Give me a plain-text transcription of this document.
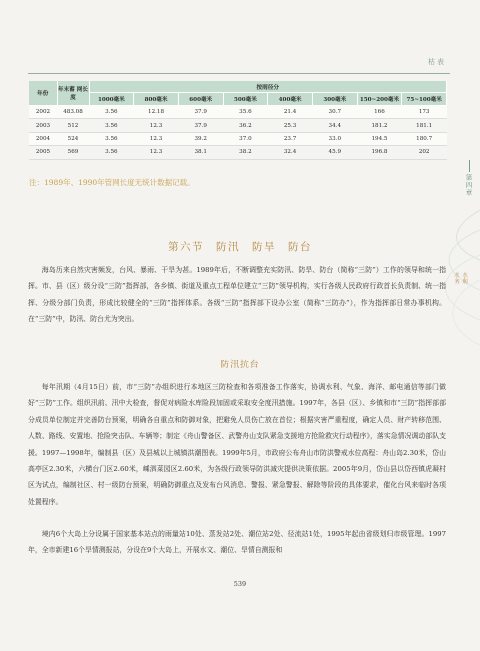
枯表
年份	年末蓄 网长度	按雨径分							
		1000毫米	800毫米	600毫米	500毫米	400毫米	300毫米	150~200毫米	75~100毫米
2002	483.08	3.56	12.18	37.9	35.6	21.4	30.7	166	173
2003	512	3.56	12.3	37.9	36.2	25.3	34.4	181.2	181.1
2004	524	3.56	12.3	39.2	37.0	23.7	33.0	194.5	180.7
2005	569	3.56	12.3	38.1	38.2	32.4	45.9	196.8	202
注：1989年、1990年管网长度无统计数据记载。	第四章
水利
水务
第六节　防汛　防旱　防台

海岛历来自然灾害频发，台风、暴雨、干旱为甚。1989年后，不断调整充实防汛、防旱、防台（简称“三防”）工作的领导和统一指挥。市、县（区）级分设“三防”指挥部，各乡镇、街道及重点工程单位建立“三防”领导机构，实行各级人民政府行政首长负责制、统一指挥、分级分部门负责，形成比较健全的“三防”指挥体系。各级“三防”指挥部下设办公室（简称“三防办”），作为指挥部日常办事机构。在“三防”中，防汛、防台尤为突出。

防汛抗台

每年汛期（4月15日）前，市“三防”办组织进行本地区三防检查和各项准备工作落实，协调水利、气象、海洋、邮电通信等部门做好“三防”工作。组织汛前、汛中大检查，督促对病险水库险段加固或采取安全度汛措施。1997年，各县（区）、乡镇和市“三防”指挥部部分成员单位制定并完善防台预案，明确各自重点和防御对象，把避免人员伤亡放在首位；根据灾害严重程度，确定人员、财产转移范围、人数、路线、安置地、抢险突击队、车辆等；制定《舟山警备区、武警舟山支队紧急支援地方抢险救灾行动程序》，落实急情况调动部队支援。1997—1998年，编制县（区）及县城以上城镇洪潮图表。1999年5月，市政府公布舟山市防洪警戒水位高程：舟山岛2.30米，岱山高亭区2.30米，六横台门区2.60米，嵊泗菜园区2.60米，为各级行政领导防洪减灾提供决策依据。2005年9月，岱山县以岱西镇虎凝村区为试点，编制社区、村一级防台预案，明确防御重点及发布台风消息、警报、紧急警报、解除等阶段的具体要求，催化台风来临时各项处置程序。

境内6个大岛上分设属于国家基本站点的雨量站10处、蒸发站2处、潮位站2处、径流站1处，1995年起由省级划归市级管理。1997年，全市新建16个旱情测报站，分设在9个大岛上，开展水文、潮位、旱情自测报和

539
